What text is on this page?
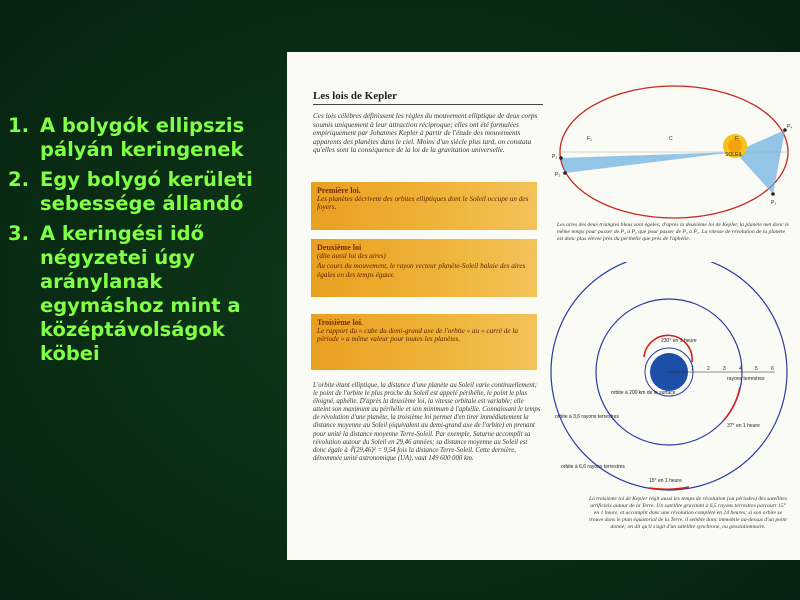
1. A bolygók ellipszis pályán keringenek
2. Egy bolygó kerületi sebessége állandó
3. A keringési idő négyzetei úgy aránylanak egymáshoz mint a középtávolságok köbei
Les lois de Kepler
Ces lois célèbres définissent les règles du mouvement elliptique de deux corps soumis uniquement à leur attraction réciproque; elles ont été formulées empiriquement par Johannes Kepler à partir de l'étude des mouvements apparents des planètes dans le ciel. Moins d'un siècle plus tard, on constata qu'elles sont la conséquence de la loi de la gravitation universelle.
Première loi.
Les planètes décrivent des orbites elliptiques dont le Soleil occupe un des foyers.
Deuxième loi
(dite aussi loi des aires)
Au cours du mouvement, le rayon vecteur planète-Soleil balaie des aires égales en des temps égaux.
Troisième loi.
Le rapport du « cube du demi-grand axe de l'orbite » au « carré de la période » a même valeur pour toutes les planètes.
L'orbite étant elliptique, la distance d'une planète au Soleil varie continuellement; le point de l'orbite le plus proche du Soleil est appelé périhélie, le point le plus éloigné, aphélie. D'après la deuxième loi, la vitesse orbitale est variable; elle atteint son maximum au périhélie et son minimum à l'aphélie. Connaissant le temps de révolution d'une planète, la troisième loi permet d'en tirer immédiatement la distance moyenne au Soleil (équivalent au demi-grand axe de l'orbite) en prenant pour unité la distance moyenne Terre-Soleil. Par exemple, Saturne accomplit sa révolution autour du Soleil en 29,46 années; sa distance moyenne au Soleil est donc égale à ∛(29,46)² = 9,54 fois la distance Terre-Soleil. Cette dernière, dénommée unité astronomique (UA), vaut 149 600 000 km.
P₁
P₂
P₃
P₄
F₂	C	F₁
SOLEIL
Les aires des deux triangles bleus sont égales; d'après la deuxième loi de Kepler, la planète met donc le même temps pour passer de P₁ à P₂ que pour passer de P₃ à P₄. La vitesse de révolution de la planète est donc plus élevée près du périhélie que près de l'aphélie.
1	2	3	4	5	6
rayons terrestres
230° en 1 heure
37° en 1 heure
15° en 1 heure
orbite à 200 km de la surface
orbite à 3,6 rayons terrestres
orbite à 6,6 rayons terrestres
La troisième loi de Kepler régit aussi les temps de révolution (ou périodes) des satellites artificiels autour de la Terre. Un satellite gravitant à 6,5 rayons terrestres parcourt 15° en 1 heure, et accomplit donc une révolution complète en 24 heures; si son orbite se trouve dans le plan équatorial de la Terre, il semble donc immobile au-dessus d'un point donné; on dit qu'il s'agit d'un satellite synchrone, ou géostationnaire.
